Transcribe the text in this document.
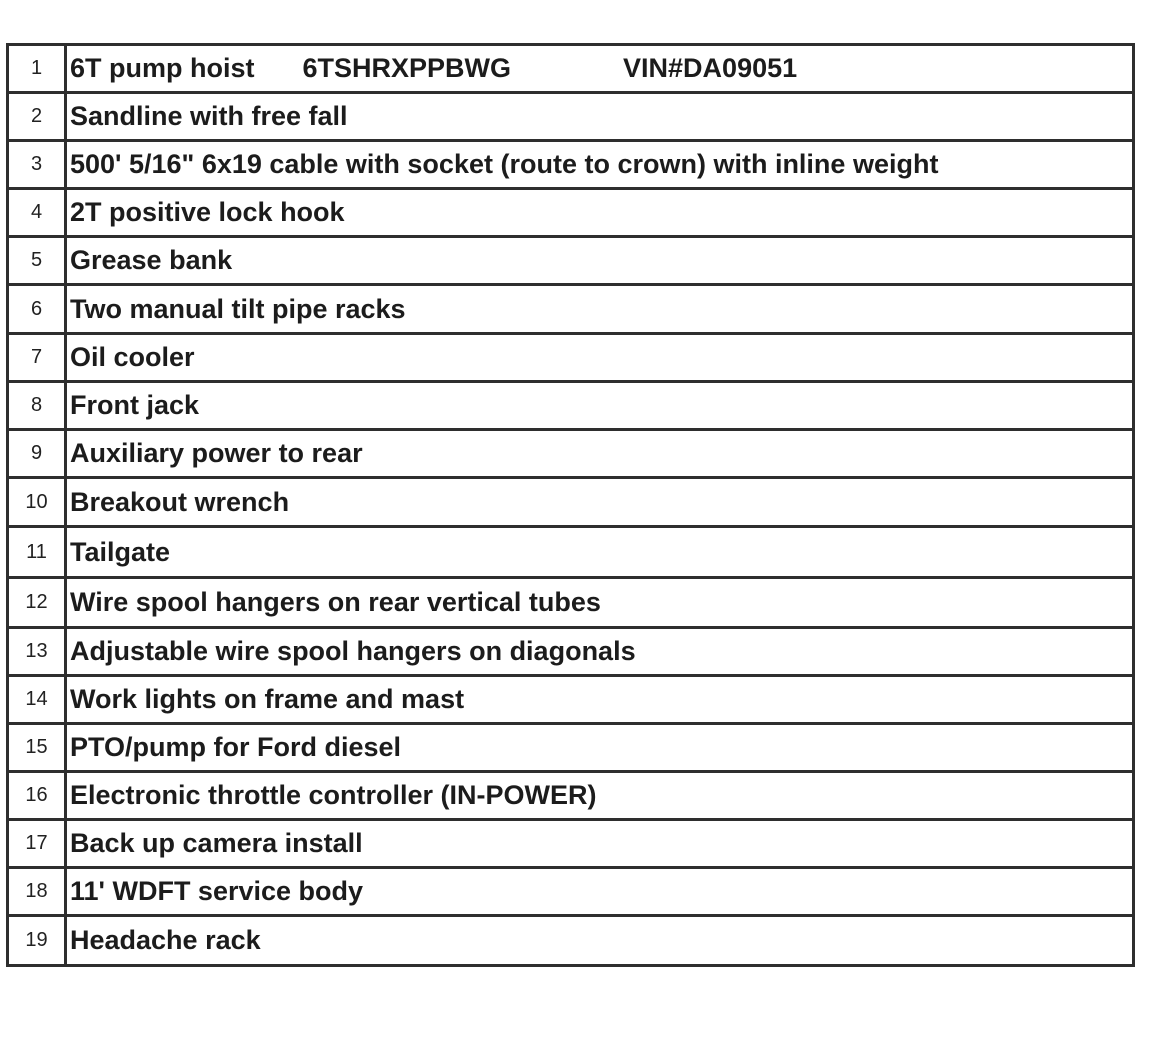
1	6T pump hoist 6TSHRXPPBWG	VIN#DA09051
2	Sandline with free fall
3	500' 5/16" 6x19 cable with socket (route to crown) with inline weight
4	2T positive lock hook
5	Grease bank
6	Two manual tilt pipe racks
7	Oil cooler
8	Front jack
9	Auxiliary power to rear
10 Breakout wrench
11 Tailgate
12 Wire spool hangers on rear vertical tubes
13 Adjustable wire spool hangers on diagonals
14 Work lights on frame and mast
15 PTO/pump for Ford diesel
16 Electronic throttle controller (IN-POWER)
17 Back up camera install
18 11' WDFT service body
19 Headache rack
